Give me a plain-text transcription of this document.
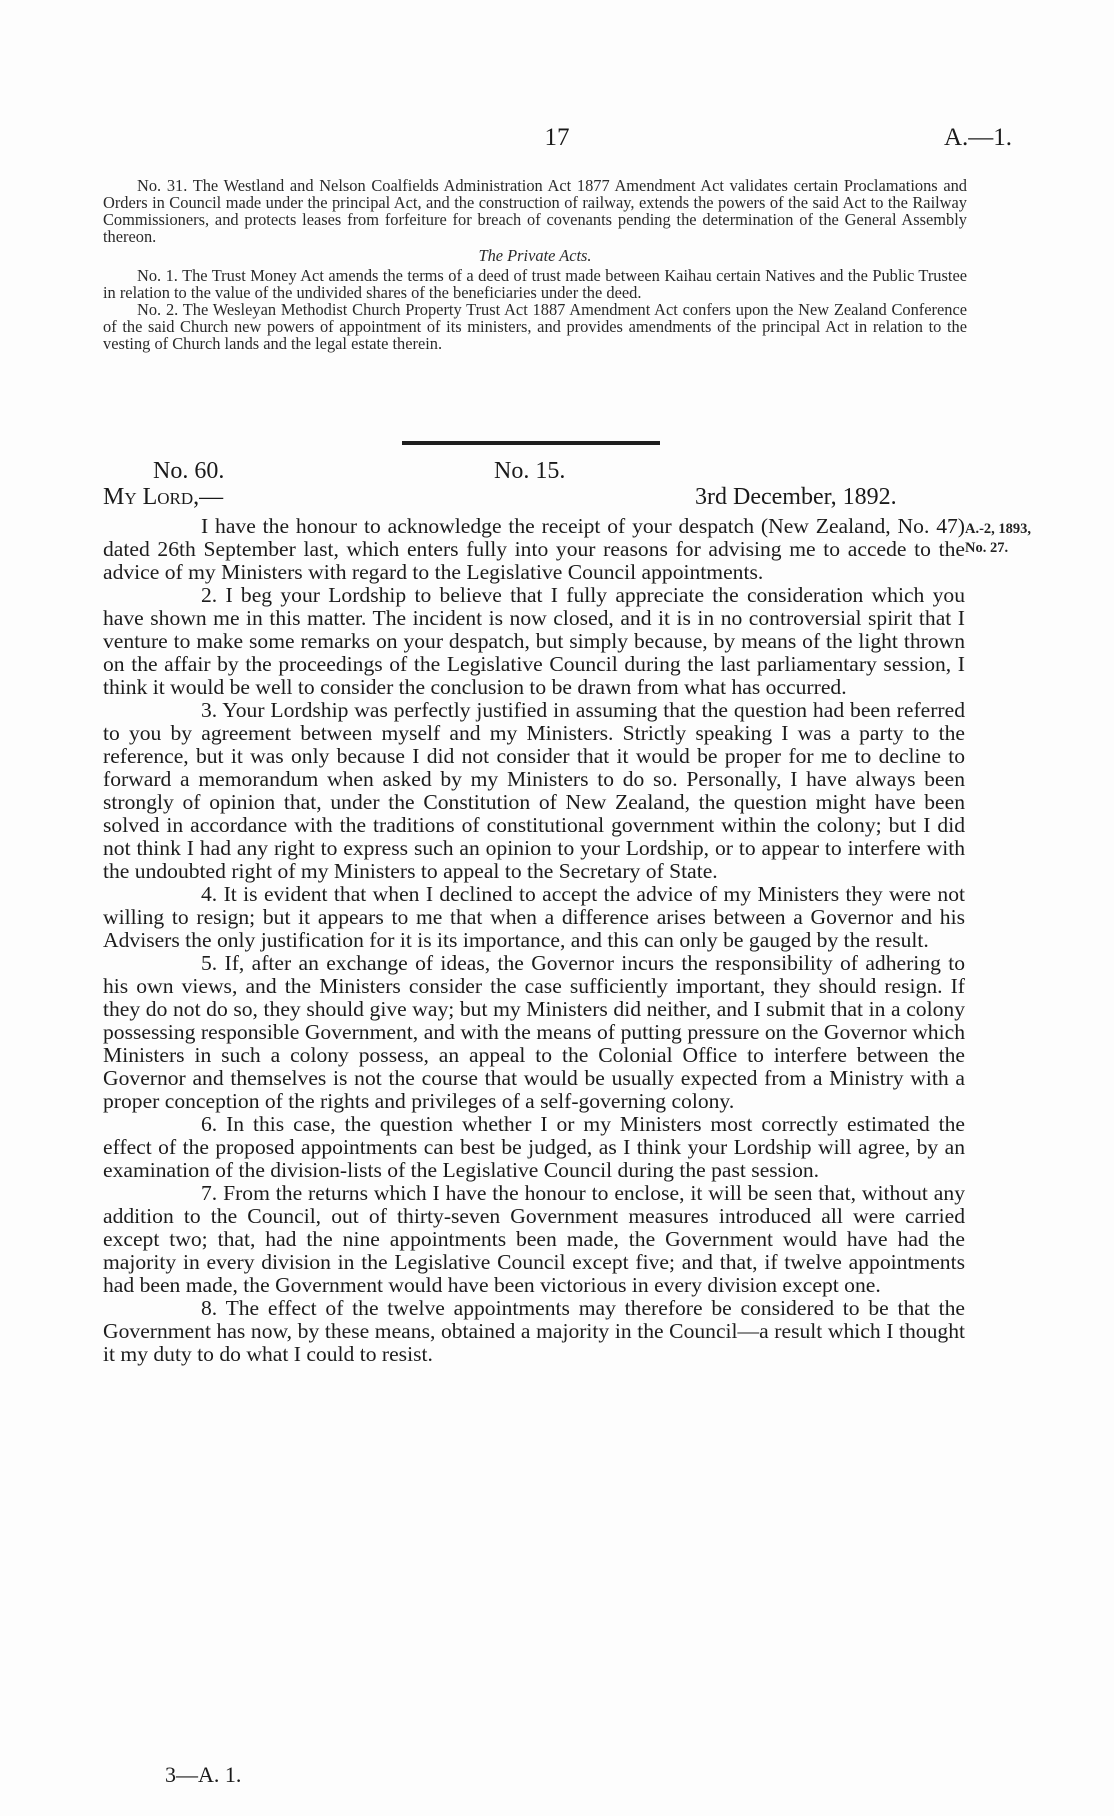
17	A.—1.

No. 31. The Westland and Nelson Coalfields Administration Act 1877 Amendment Act validates certain Proclamations and Orders in Council made under the principal Act, and the construction of railway, extends the powers of the said Act to the Railway Commissioners, and protects leases from forfeiture for breach of covenants pending the determination of the General Assembly thereon.

The Private Acts.

No. 1. The Trust Money Act amends the terms of a deed of trust made between Kaihau certain Natives and the Public Trustee in relation to the value of the undivided shares of the beneficiaries under the deed.

No. 2. The Wesleyan Methodist Church Property Trust Act 1887 Amendment Act confers upon the New Zealand Conference of the said Church new powers of appointment of its ministers, and provides amendments of the principal Act in relation to the vesting of Church lands and the legal estate therein.

No. 60.	No. 15.
My Lord,—	3rd December, 1892.
A.-2, 1893,
No. 27.

I have the honour to acknowledge the receipt of your despatch (New Zealand, No. 47) dated 26th September last, which enters fully into your reasons for advising me to accede to the advice of my Ministers with regard to the Legislative Council appointments.

2. I beg your Lordship to believe that I fully appreciate the consideration which you have shown me in this matter. The incident is now closed, and it is in no controversial spirit that I venture to make some remarks on your despatch, but simply because, by means of the light thrown on the affair by the proceedings of the Legislative Council during the last parliamentary session, I think it would be well to consider the conclusion to be drawn from what has occurred.

3. Your Lordship was perfectly justified in assuming that the question had been referred to you by agreement between myself and my Ministers. Strictly speaking I was a party to the reference, but it was only because I did not consider that it would be proper for me to decline to forward a memorandum when asked by my Ministers to do so. Personally, I have always been strongly of opinion that, under the Constitution of New Zealand, the question might have been solved in accordance with the traditions of constitutional government within the colony; but I did not think I had any right to express such an opinion to your Lordship, or to appear to interfere with the undoubted right of my Ministers to appeal to the Secretary of State.

4. It is evident that when I declined to accept the advice of my Ministers they were not willing to resign; but it appears to me that when a difference arises between a Governor and his Advisers the only justification for it is its importance, and this can only be gauged by the result.

5. If, after an exchange of ideas, the Governor incurs the responsibility of adhering to his own views, and the Ministers consider the case sufficiently important, they should resign. If they do not do so, they should give way; but my Ministers did neither, and I submit that in a colony possessing responsible Government, and with the means of putting pressure on the Governor which Ministers in such a colony possess, an appeal to the Colonial Office to interfere between the Governor and themselves is not the course that would be usually expected from a Ministry with a proper conception of the rights and privileges of a self-governing colony.

6. In this case, the question whether I or my Ministers most correctly estimated the effect of the proposed appointments can best be judged, as I think your Lordship will agree, by an examination of the division-lists of the Legislative Council during the past session.

7. From the returns which I have the honour to enclose, it will be seen that, without any addition to the Council, out of thirty-seven Government measures introduced all were carried except two; that, had the nine appointments been made, the Government would have had the majority in every division in the Legislative Council except five; and that, if twelve appointments had been made, the Government would have been victorious in every division except one.

8. The effect of the twelve appointments may therefore be considered to be that the Government has now, by these means, obtained a majority in the Council—a result which I thought it my duty to do what I could to resist.

3—A. 1.
